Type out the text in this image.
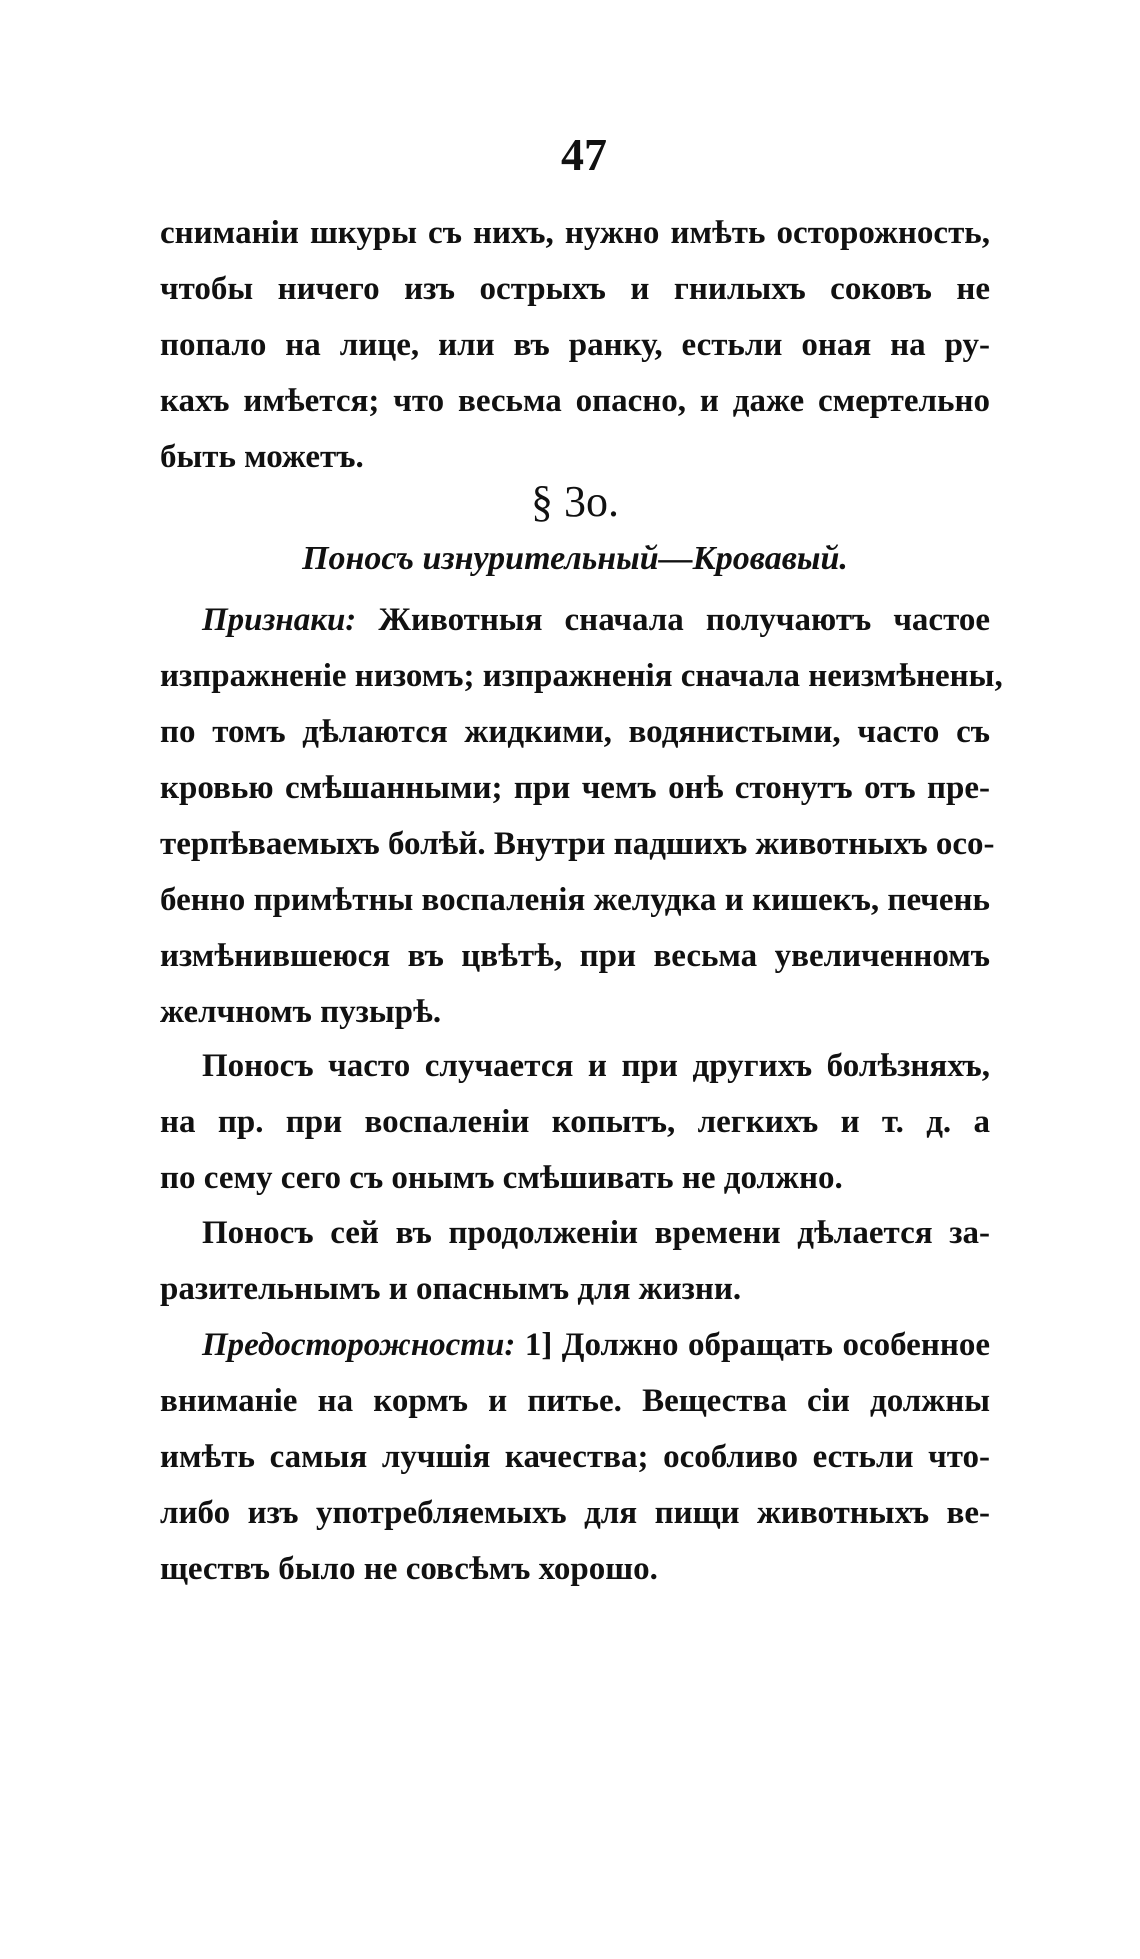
47
снимaнiи шкуры съ нихъ, нужно имѣть осторожность,
чтобы ничего изъ острыхъ и гнилыхъ соковъ не
попало на лице, или въ ранку, естьли оная на ру-
кахъ имѣется; что весьма опасно, и даже смертельно
быть можетъ.
§ 3о.
Поносъ изнурительный—Кровавый.
Признаки: Животныя сначала получаютъ частое
изпражненiе низомъ; изпражненiя сначала неизмѣнены,
по томъ дѣлаются жидкими, водянистыми, часто съ
кровью смѣшанными; при чемъ онѣ стонутъ отъ пре-
терпѣваемыхъ болѣй. Внутри падшихъ животныхъ осо-
бенно примѣтны воспаленiя желудка и кишекъ, печень
измѣнившеюся въ цвѣтѣ, при весьма увеличенномъ
желчномъ пузырѣ.
Поносъ часто случается и при другихъ болѣзняхъ,
на пр. при воспаленiи копытъ, легкихъ и т. д. а
по сему сего съ онымъ смѣшивать не должно.
Поносъ сей въ продолженiи времени дѣлается за-
разительнымъ и опаснымъ для жизни.
Предосторожности: 1] Должно обращать особенное
вниманiе на кормъ и питье. Вещества сiи должны
имѣть самыя лучшiя качества; особливо естьли что-
либо изъ употребляемыхъ для пищи животныхъ ве-
ществъ было не совсѣмъ хорошо.
